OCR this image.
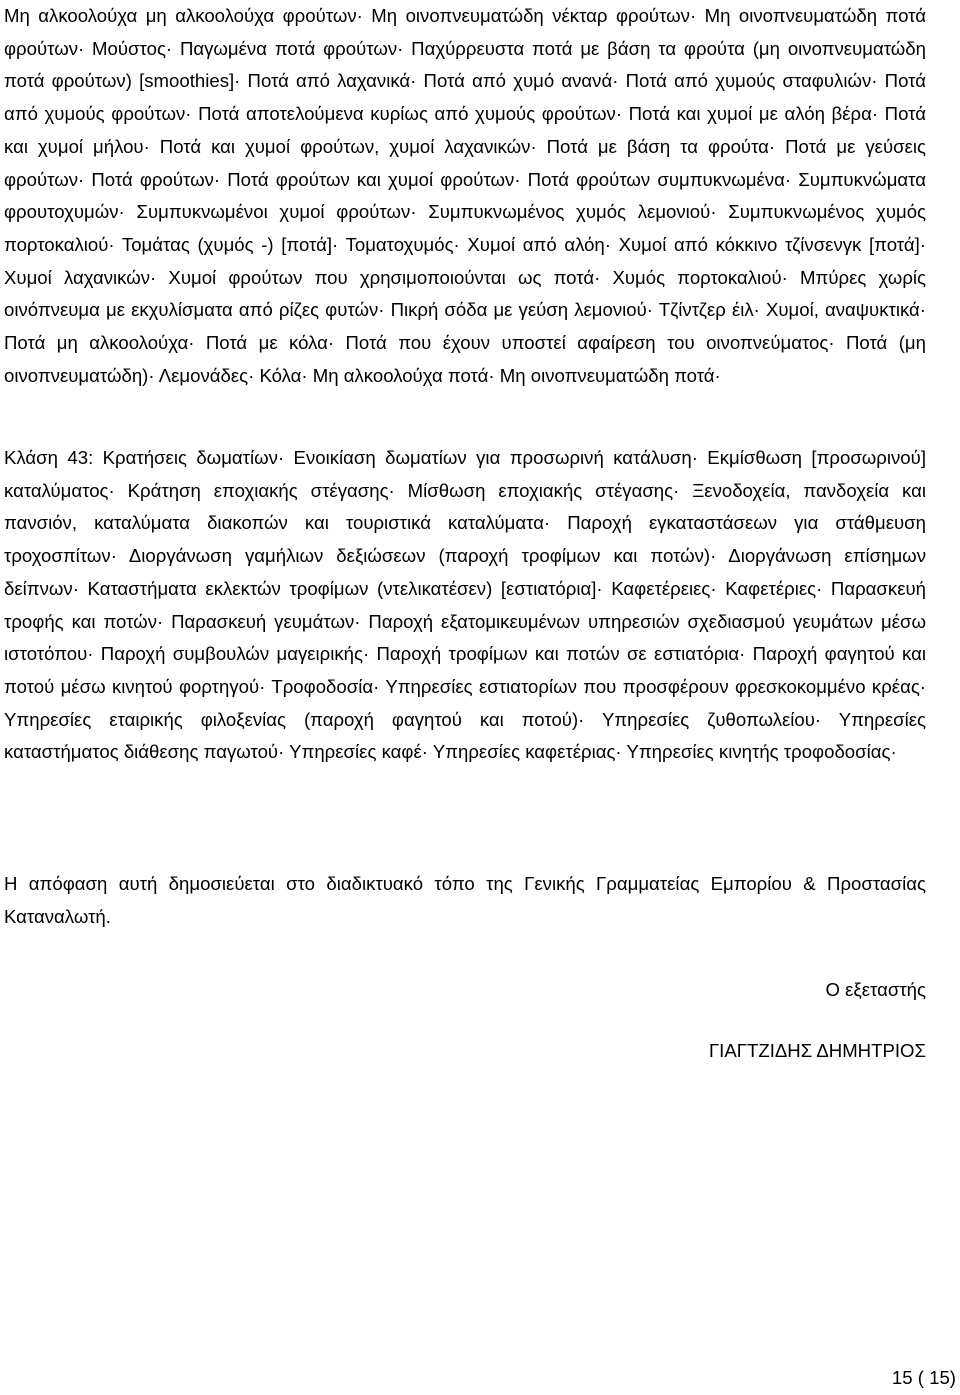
Μη αλκοολούχα μη αλκοολούχα φρούτων· Μη οινοπνευματώδη νέκταρ φρούτων· Μη οινοπνευματώδη ποτά φρούτων· Μούστος· Παγωμένα ποτά φρούτων· Παχύρρευστα ποτά με βάση τα φρούτα (μη οινοπνευματώδη ποτά φρούτων) [smoothies]· Ποτά από λαχανικά· Ποτά από χυμό ανανά· Ποτά από χυμούς σταφυλιών· Ποτά από χυμούς φρούτων· Ποτά αποτελούμενα κυρίως από χυμούς φρούτων· Ποτά και χυμοί με αλόη βέρα· Ποτά και χυμοί μήλου· Ποτά και χυμοί φρούτων, χυμοί λαχανικών· Ποτά με βάση τα φρούτα· Ποτά με γεύσεις φρούτων· Ποτά φρούτων· Ποτά φρούτων και χυμοί φρούτων· Ποτά φρούτων συμπυκνωμένα· Συμπυκνώματα φρουτοχυμών· Συμπυκνωμένοι χυμοί φρούτων· Συμπυκνωμένος χυμός λεμονιού· Συμπυκνωμένος χυμός πορτοκαλιού· Τομάτας (χυμός -) [ποτά]· Τοματοχυμός· Χυμοί από αλόη· Χυμοί από κόκκινο τζίνσενγκ [ποτά]· Χυμοί λαχανικών· Χυμοί φρούτων που χρησιμοποιούνται ως ποτά· Χυμός πορτοκαλιού· Μπύρες χωρίς οινόπνευμα με εκχυλίσματα από ρίζες φυτών· Πικρή σόδα με γεύση λεμονιού· Τζίντζερ έιλ· Χυμοί, αναψυκτικά· Ποτά μη αλκοολούχα· Ποτά με κόλα· Ποτά που έχουν υποστεί αφαίρεση του οινοπνεύματος· Ποτά (μη οινοπνευματώδη)· Λεμονάδες· Κόλα· Μη αλκοολούχα ποτά· Μη οινοπνευματώδη ποτά·

Κλάση 43: Κρατήσεις δωματίων· Ενοικίαση δωματίων για προσωρινή κατάλυση· Εκμίσθωση [προσωρινού] καταλύματος· Κράτηση εποχιακής στέγασης· Μίσθωση εποχιακής στέγασης· Ξενοδοχεία, πανδοχεία και πανσιόν, καταλύματα διακοπών και τουριστικά καταλύματα· Παροχή εγκαταστάσεων για στάθμευση τροχοσπίτων· Διοργάνωση γαμήλιων δεξιώσεων (παροχή τροφίμων και ποτών)· Διοργάνωση επίσημων δείπνων· Καταστήματα εκλεκτών τροφίμων (ντελικατέσεν) [εστιατόρια]· Καφετέρειες· Καφετέριες· Παρασκευή τροφής και ποτών· Παρασκευή γευμάτων· Παροχή εξατομικευμένων υπηρεσιών σχεδιασμού γευμάτων μέσω ιστοτόπου· Παροχή συμβουλών μαγειρικής· Παροχή τροφίμων και ποτών σε εστιατόρια· Παροχή φαγητού και ποτού μέσω κινητού φορτηγού· Τροφοδοσία· Υπηρεσίες εστιατορίων που προσφέρουν φρεσκοκομμένο κρέας· Υπηρεσίες εταιρικής φιλοξενίας (παροχή φαγητού και ποτού)· Υπηρεσίες ζυθοπωλείου· Υπηρεσίες καταστήματος διάθεσης παγωτού· Υπηρεσίες καφέ· Υπηρεσίες καφετέριας· Υπηρεσίες κινητής τροφοδοσίας·

Η απόφαση αυτή δημοσιεύεται στο διαδικτυακό τόπο της Γενικής Γραμματείας Εμπορίου & Προστασίας Καταναλωτή.

Ο εξεταστής

ΓΙΑΓΤΖΙΔΗΣ ΔΗΜΗΤΡΙΟΣ

15 ( 15)
